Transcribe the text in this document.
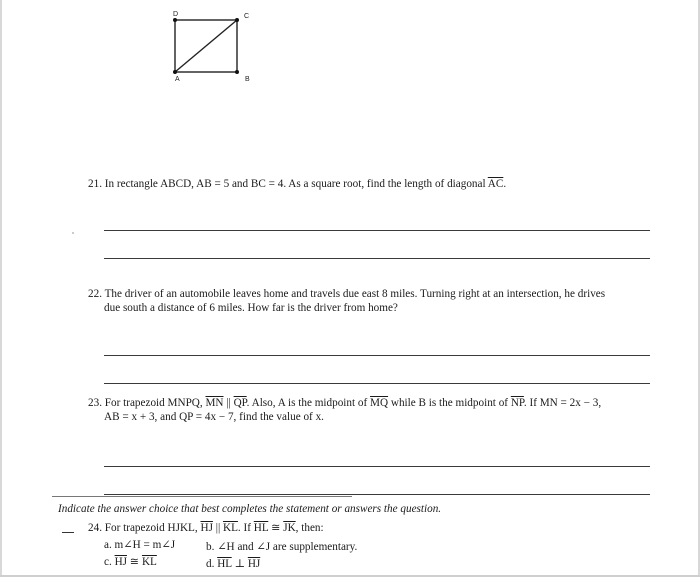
D	C
A	B
21. In rectangle ABCD, AB = 5 and BC = 4. As a square root, find the length of diagonal $\overline{AC}$.
22. The driver of an automobile leaves home and travels due east 8 miles. Turning right at an intersection, he drives
due south a distance of 6 miles. How far is the driver from home?
23. For trapezoid MNPQ, $\overline{MN}$ || $\overline{QP}$. Also, A is the midpoint of $\overline{MQ}$ while B is the midpoint of $\overline{NP}$. If MN = 2x − 3,
AB = x + 3, and QP = 4x − 7, find the value of x.
Indicate the answer choice that best completes the statement or answers the question.
24. For trapezoid HJKL, $\overline{HJ}$ || $\overline{KL}$. If $\overline{HL}$ ≅ $\overline{JK}$, then:
a. m∠H = m∠J	b. ∠H and ∠J are supplementary.
c. $\overline{HJ}$ ≅ $\overline{KL}$	d. $\overline{HL}$ ⊥ $\overline{HJ}$
